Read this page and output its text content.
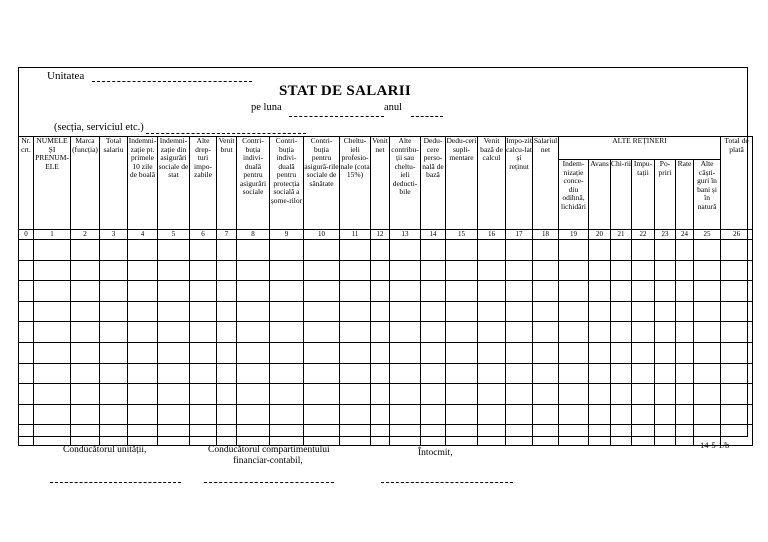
Unitatea
STAT DE SALARII
pe luna	anul
(secția, serviciul etc.)
Nr. crt.	NUMELE ȘI PRENUM-ELE	Marca (funcția)	Total salariu	Indemni-zație pt. primele 10 zile de boală	Indemni-zație din asigurări sociale de stat	Alte drep-turi impo-zabile	Venit brut	Contri-buția indivi-duală pentru asigurări sociale	Contri-buția indivi-duală pentru protecția socială a șome-rilor	Contri-buția pentru asigură-rile sociale de sănătate	Cheltu-ieli profesio-nale (cota 15%)	Venit net	Alte contribu-ții sau cheltu-ieli deducti-bile	Dedu-cere perso-nală de bază	Dedu-ceri supli-mentare	Venit bază de calcul	Impo-zit calcu-lat și reținut	Salariul net	ALTE REȚINERI							Total de plată
																			Indem-nizație conce-diu odihnă, lichidări	Avans	Chi-rii	Impu-tații	Po-priri	Rate	Alte câști-guri în bani și în natură	
0	1	2	3	4	5	6	7	8	9	10	11	12	13	14	15	16	17	18	19	20	21	22	23	24	25	26

Conducătorul unității,	Conducătorul compartimentului
financiar-contabil,
Întocmit,
14-5-1/b
